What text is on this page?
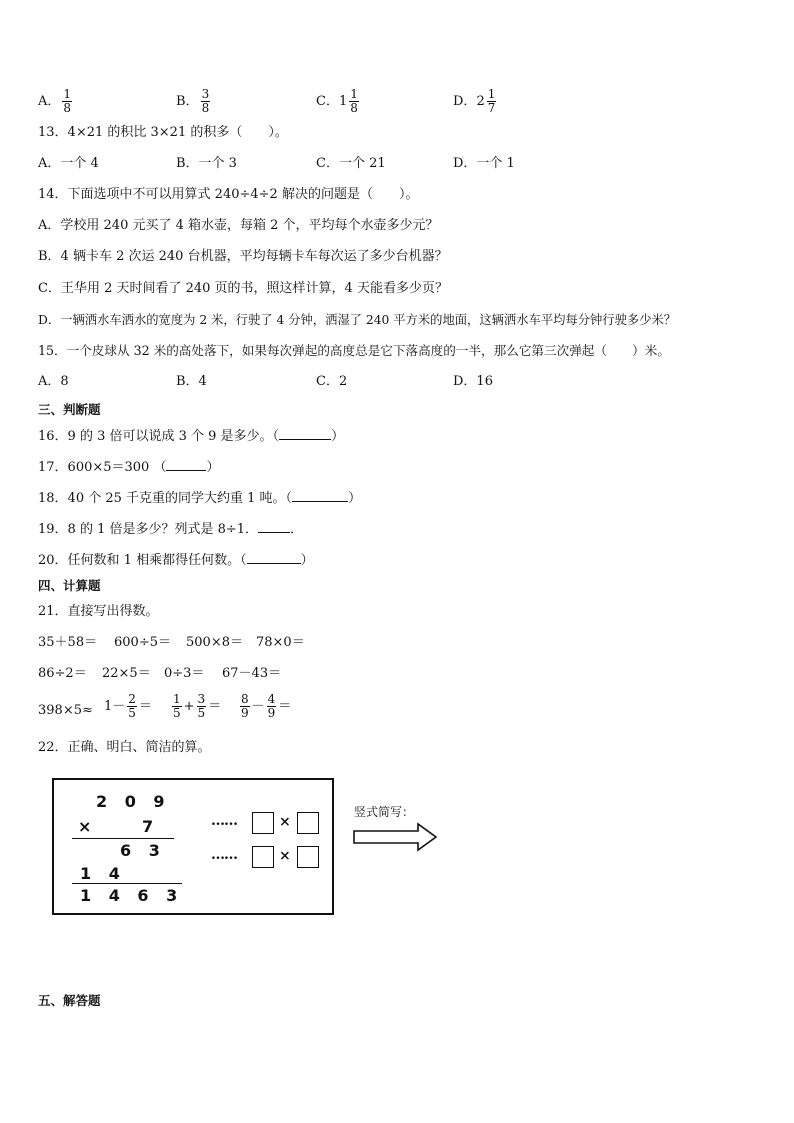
A． $\frac{1}{8}$	B． $\frac{3}{8}$	C．$1 \frac{1}{8}$	D．$2 \frac{1}{7}$
13．4×21 的积比 3×21 的积多（　　）。
A．一个 4	B．一个 3	C．一个 21	D．一个 1
14．下面选项中不可以用算式 240÷4÷2 解决的问题是（　　）。
A．学校用 240 元买了 4 箱水壶，每箱 2 个，平均每个水壶多少元？
B．4 辆卡车 2 次运 240 台机器，平均每辆卡车每次运了多少台机器？
C．王华用 2 天时间看了 240 页的书，照这样计算，4 天能看多少页？
D．一辆洒水车洒水的宽度为 2 米，行驶了 4 分钟，洒湿了 240 平方米的地面，这辆洒水车平均每分钟行驶多少米？
15．一个皮球从 32 米的高处落下，如果每次弹起的高度总是它下落高度的一半，那么它第三次弹起（　　）米。
A．8	B．4	C．2	D．16
三、判断题
16．9 的 3 倍可以说成 3 个 9 是多少。（	）
17．600×5＝300 （	）
18．40 个 25 千克重的同学大约重 1 吨。（	）
19．8 的 1 倍是多少？列式是 8÷1． ．
20．任何数和 1 相乘都得任何数。（	）
四、计算题
21．直接写出得数。
35＋58＝ 600÷5＝ 500×8＝ 78×0＝
86÷2＝ 22×5＝ 0÷3＝ 67－43＝
$398\times 5\approx 1- \frac{2}{5} = \frac{1}{5} + \frac{3}{5} = \frac{8}{9} - \frac{4}{9}$ ＝
22．正确、明白、简洁的算。
2 0 9
×	7
6 3
1 4
1 4 6 3
……	×
……	×
竖式简写：
五、解答题
